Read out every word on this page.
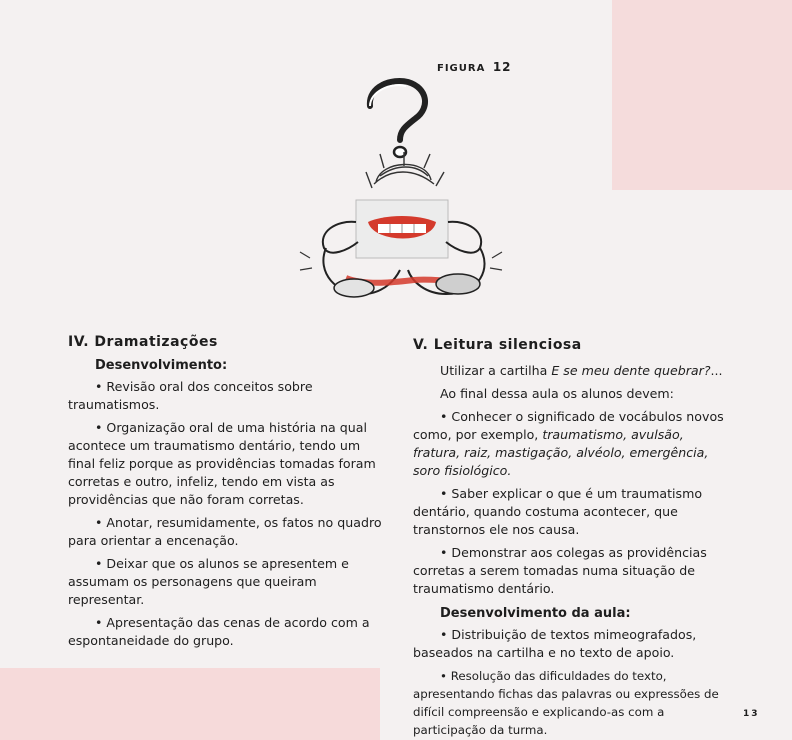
FIGURA 12
IV. Dramatizações
Desenvolvimento:

• Revisão oral dos conceitos sobre traumatismos.

• Organização oral de uma história na qual acontece um traumatismo dentário, tendo um final feliz porque as providências tomadas foram corretas e outro, infeliz, tendo em vista as providências que não foram corretas.

• Anotar, resumidamente, os fatos no quadro para orientar a encenação.

• Deixar que os alunos se apresentem e assumam os personagens que queiram representar.

• Apresentação das cenas de acordo com a espontaneidade do grupo.

V. Leitura silenciosa

Utilizar a cartilha E se meu dente quebrar?...

Ao final dessa aula os alunos devem:

• Conhecer o significado de vocábulos novos como, por exemplo, traumatismo, avulsão, fratura, raiz, mastigação, alvéolo, emergência, soro fisiológico.

• Saber explicar o que é um traumatismo dentário, quando costuma acontecer, que transtornos ele nos causa.

• Demonstrar aos colegas as providências corretas a serem tomadas numa situação de traumatismo dentário.

Desenvolvimento da aula:

• Distribuição de textos mimeografados, baseados na cartilha e no texto de apoio.

• Resolução das dificuldades do texto, apresentando fichas das palavras ou expressões de difícil compreensão e explicando-as com a participação da turma.

13
